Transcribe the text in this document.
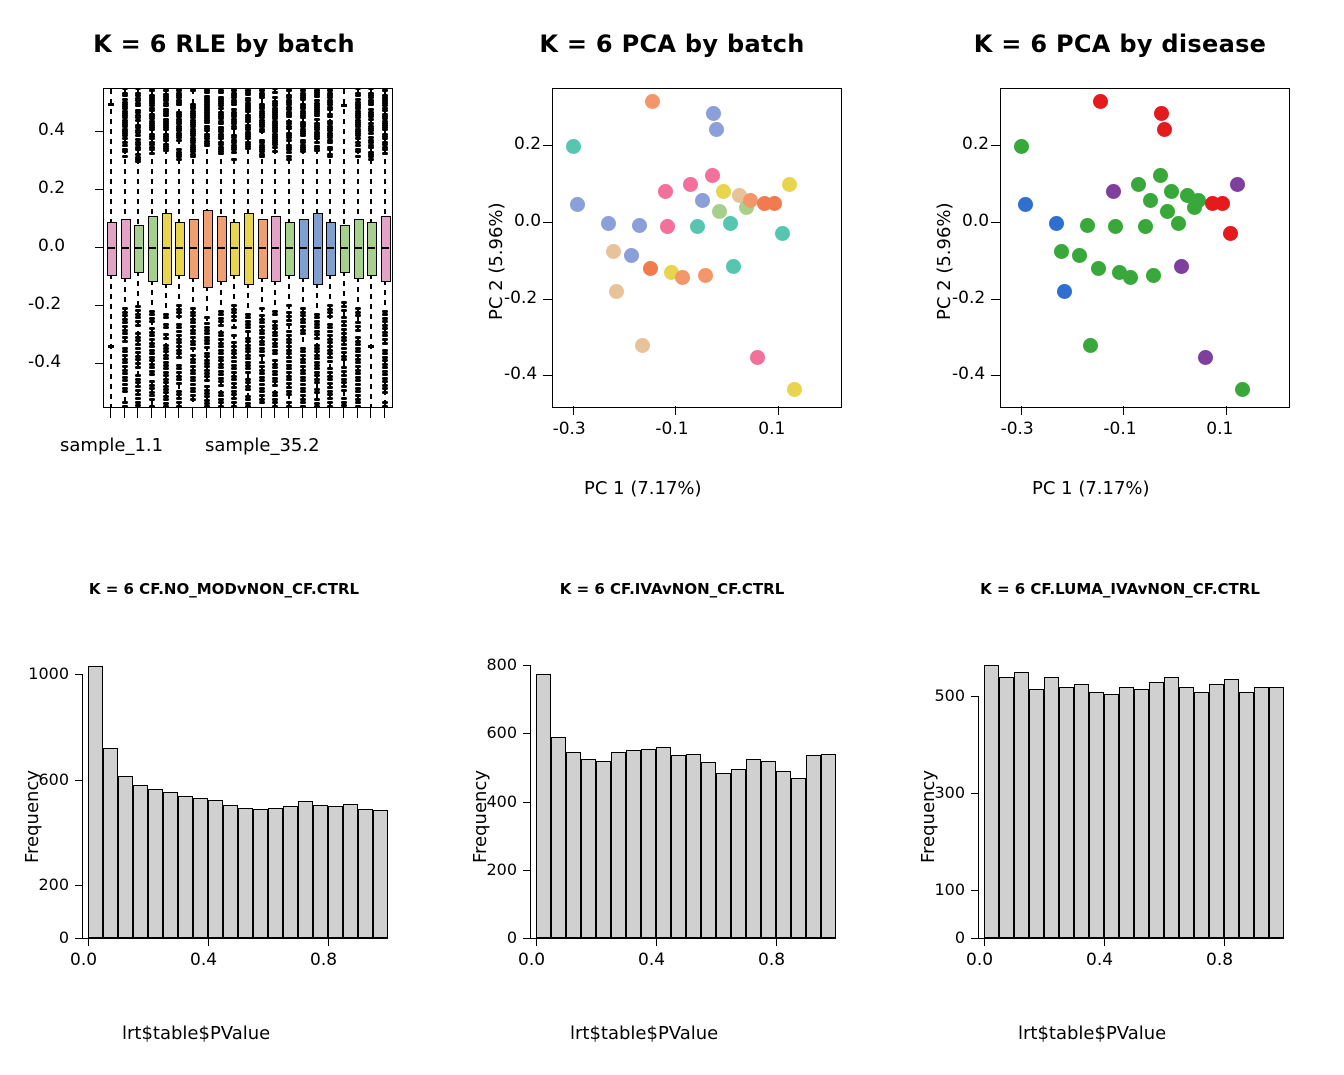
K = 6 RLE by batch
0.4
0.2
0.0
-0.2
-0.4
sample_1.1 sample_35.2
K = 6 PCA by batch
-0.3	-0.1	0.1
0.2
0.0
-0.2
-0.4
PC 1 (7.17%)
PC 2 (5.96%)
K = 6 PCA by disease
-0.3	-0.1	0.1
0.2
0.0
-0.2
-0.4
PC 1 (7.17%)
PC 2 (5.96%)
K = 6 CF.NO_MODvNON_CF.CTRL
0
200
600
1000
0.0	0.4	0.8
lrt$table$PValue
Frequency
K = 6 CF.IVAvNON_CF.CTRL
0
200
400
600
800
0.0	0.4	0.8
lrt$table$PValue
Frequency
K = 6 CF.LUMA_IVAvNON_CF.CTRL
0
100
300
500
0.0	0.4	0.8
lrt$table$PValue
Frequency
